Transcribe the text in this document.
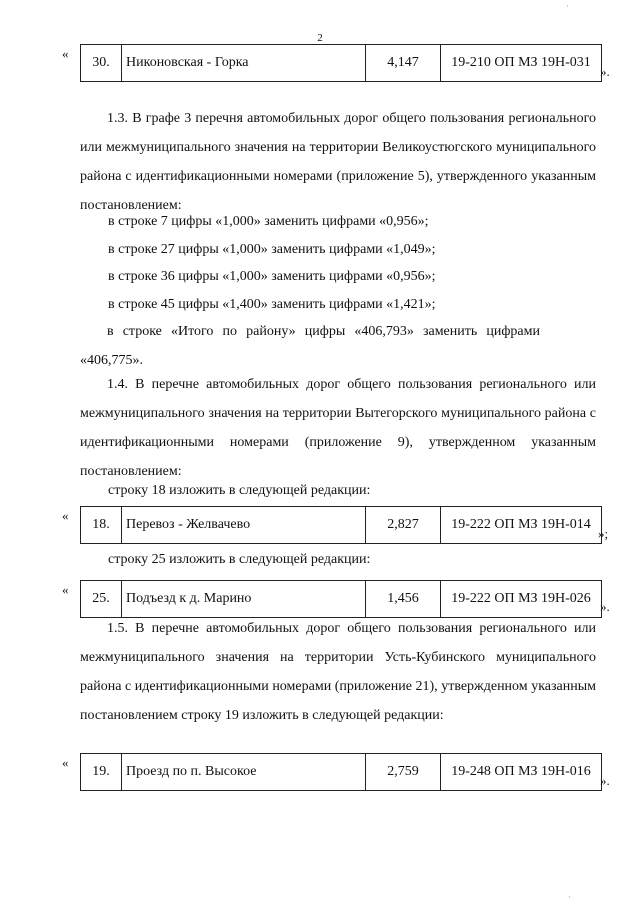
2
«
30.	Никоновская - Горка	4,147	19-210 ОП МЗ 19Н-031
».
1.3. В графе 3 перечня автомобильных дорог общего пользования регионального или межмуниципального значения на территории Великоустюгского муниципального района с идентификационными номерами (приложение 5), утвержденного указанным постановлением:
в строке 7 цифры «1,000» заменить цифрами «0,956»;
в строке 27 цифры «1,000» заменить цифрами «1,049»;
в строке 36 цифры «1,000» заменить цифрами «0,956»;
в строке 45 цифры «1,400» заменить цифрами «1,421»;
в строке «Итого по району» цифры «406,793» заменить цифрами «406,775».
1.4. В перечне автомобильных дорог общего пользования регионального или межмуниципального значения на территории Вытегорского муниципального района с идентификационными номерами (приложение 9), утвержденном указанным постановлением:
строку 18 изложить в следующей редакции:
«
18.	Перевоз - Желвачево	2,827	19-222 ОП МЗ 19Н-014
»;
строку 25 изложить в следующей редакции:
«
25.	Подъезд к д. Марино	1,456	19-222 ОП МЗ 19Н-026
».
1.5. В перечне автомобильных дорог общего пользования регионального или межмуниципального значения на территории Усть-Кубинского муниципального района с идентификационными номерами (приложение 21), утвержденном указанным постановлением строку 19 изложить в следующей редакции:
«
19.	Проезд по п. Высокое	2,759	19-248 ОП МЗ 19Н-016
».
·
·
